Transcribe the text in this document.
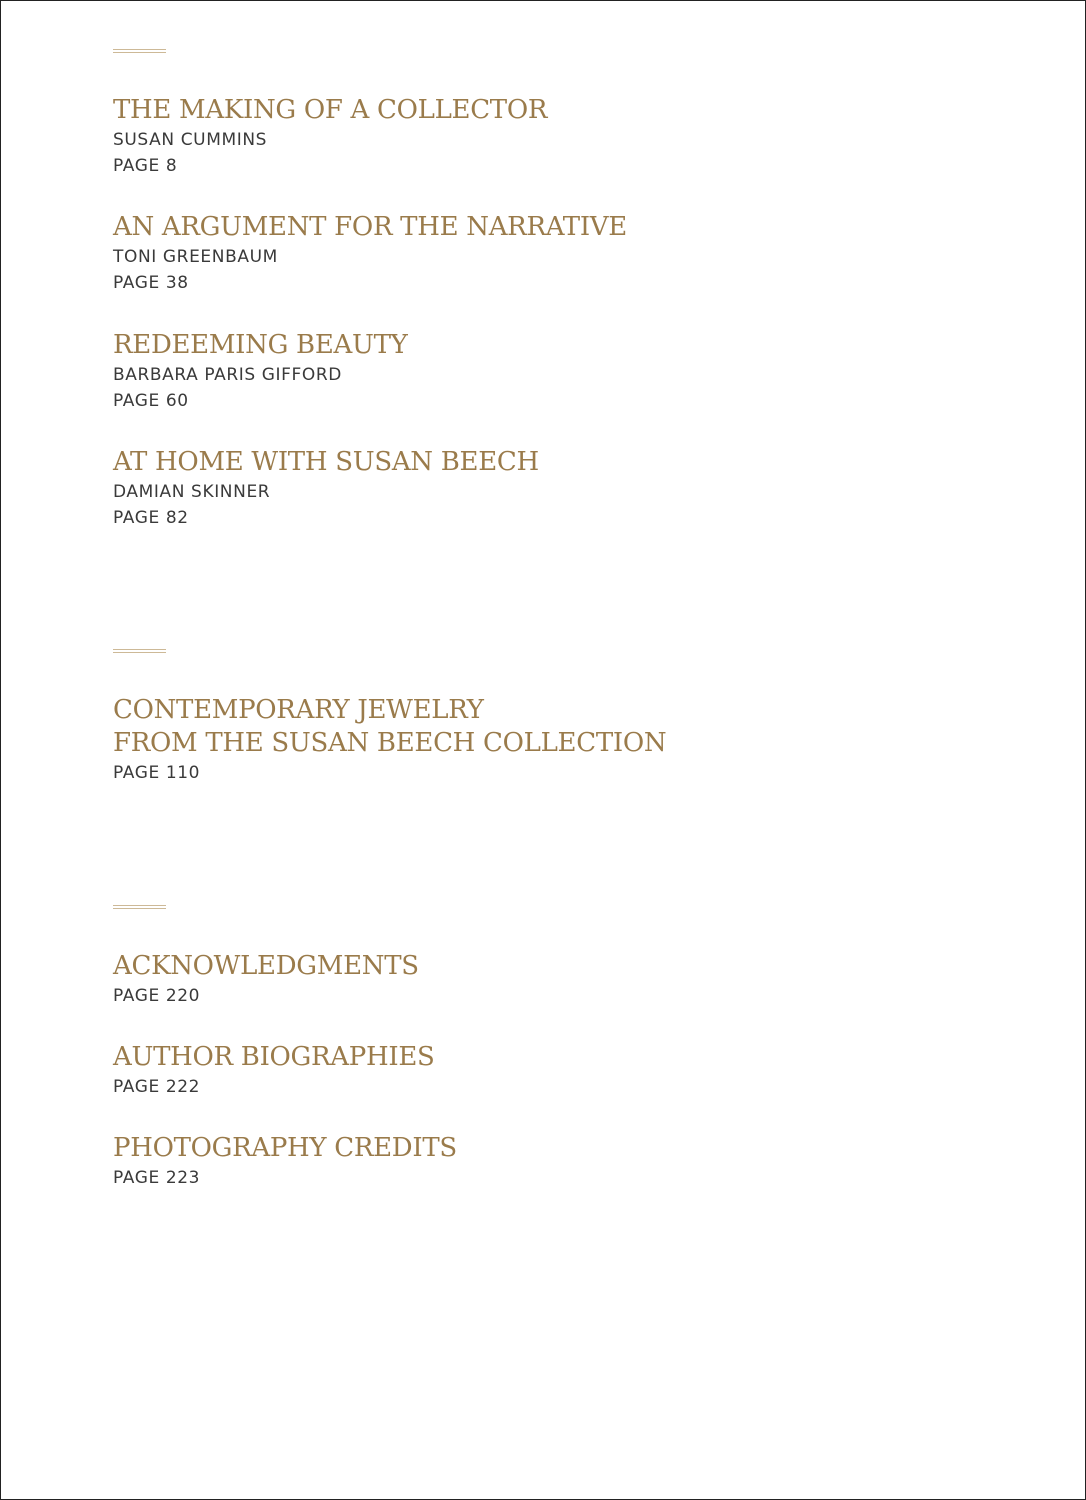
THE MAKING OF A COLLECTOR
SUSAN CUMMINS
PAGE 8
AN ARGUMENT FOR THE NARRATIVE
TONI GREENBAUM
PAGE 38
REDEEMING BEAUTY
BARBARA PARIS GIFFORD
PAGE 60
AT HOME WITH SUSAN BEECH
DAMIAN SKINNER
PAGE 82
CONTEMPORARY JEWELRY
FROM THE SUSAN BEECH COLLECTION
PAGE 110
ACKNOWLEDGMENTS
PAGE 220
AUTHOR BIOGRAPHIES
PAGE 222
PHOTOGRAPHY CREDITS
PAGE 223
